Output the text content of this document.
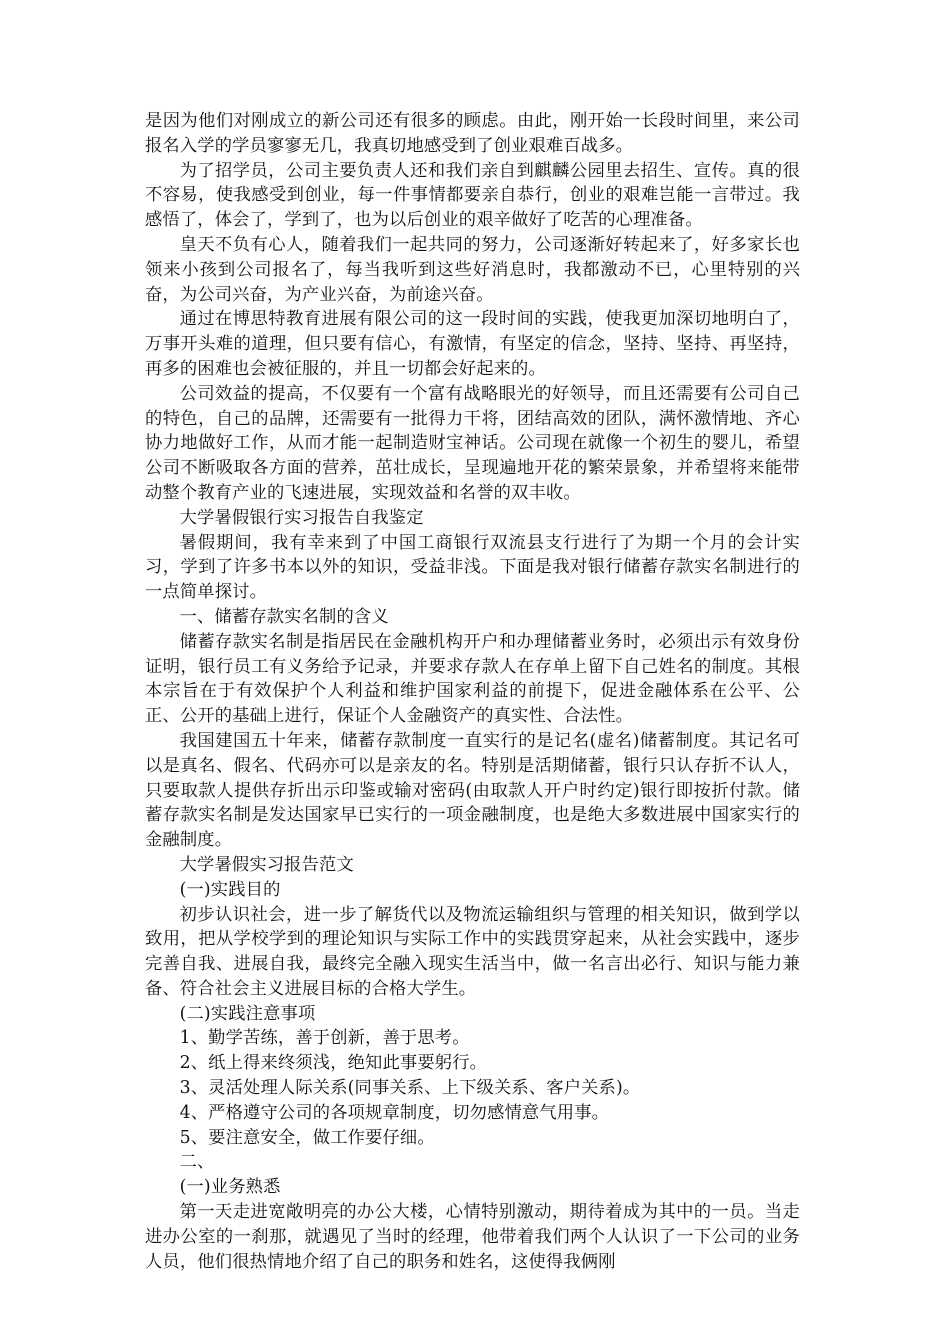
是因为他们对刚成立的新公司还有很多的顾虑。由此，刚开始一长段时间里，来公司报名入学的学员寥寥无几，我真切地感受到了创业艰难百战多。

为了招学员，公司主要负责人还和我们亲自到麒麟公园里去招生、宣传。真的很不容易，使我感受到创业，每一件事情都要亲自恭行，创业的艰难岂能一言带过。我感悟了，体会了，学到了，也为以后创业的艰辛做好了吃苦的心理准备。

皇天不负有心人，随着我们一起共同的努力，公司逐渐好转起来了，好多家长也领来小孩到公司报名了，每当我听到这些好消息时，我都激动不已，心里特别的兴奋，为公司兴奋，为产业兴奋，为前途兴奋。

通过在博思特教育进展有限公司的这一段时间的实践，使我更加深切地明白了，万事开头难的道理，但只要有信心，有激情，有坚定的信念，坚持、坚持、再坚持，再多的困难也会被征服的，并且一切都会好起来的。

公司效益的提高，不仅要有一个富有战略眼光的好领导，而且还需要有公司自己的特色，自己的品牌，还需要有一批得力干将，团结高效的团队，满怀激情地、齐心协力地做好工作，从而才能一起制造财宝神话。公司现在就像一个初生的婴儿，希望公司不断吸取各方面的营养，茁壮成长，呈现遍地开花的繁荣景象，并希望将来能带动整个教育产业的飞速进展，实现效益和名誉的双丰收。

大学暑假银行实习报告自我鉴定

暑假期间，我有幸来到了中国工商银行双流县支行进行了为期一个月的会计实习，学到了许多书本以外的知识，受益非浅。下面是我对银行储蓄存款实名制进行的一点简单探讨。

一、储蓄存款实名制的含义

储蓄存款实名制是指居民在金融机构开户和办理储蓄业务时，必须出示有效身份证明，银行员工有义务给予记录，并要求存款人在存单上留下自己姓名的制度。其根本宗旨在于有效保护个人利益和维护国家利益的前提下，促进金融体系在公平、公正、公开的基础上进行，保证个人金融资产的真实性、合法性。

我国建国五十年来，储蓄存款制度一直实行的是记名(虚名)储蓄制度。其记名可以是真名、假名、代码亦可以是亲友的名。特别是活期储蓄，银行只认存折不认人，只要取款人提供存折出示印鉴或输对密码(由取款人开户时约定)银行即按折付款。储蓄存款实名制是发达国家早已实行的一项金融制度，也是绝大多数进展中国家实行的金融制度。

大学暑假实习报告范文

(一)实践目的

初步认识社会，进一步了解货代以及物流运输组织与管理的相关知识，做到学以致用，把从学校学到的理论知识与实际工作中的实践贯穿起来，从社会实践中，逐步完善自我、进展自我，最终完全融入现实生活当中，做一名言出必行、知识与能力兼备、符合社会主义进展目标的合格大学生。

(二)实践注意事项

1、勤学苦练，善于创新，善于思考。

2、纸上得来终须浅，绝知此事要躬行。

3、灵活处理人际关系(同事关系、上下级关系、客户关系)。

4、严格遵守公司的各项规章制度，切勿感情意气用事。

5、要注意安全，做工作要仔细。

二、

(一)业务熟悉

第一天走进宽敞明亮的办公大楼，心情特别激动，期待着成为其中的一员。当走进办公室的一刹那，就遇见了当时的经理，他带着我们两个人认识了一下公司的业务人员，他们很热情地介绍了自己的职务和姓名，这使得我俩刚
